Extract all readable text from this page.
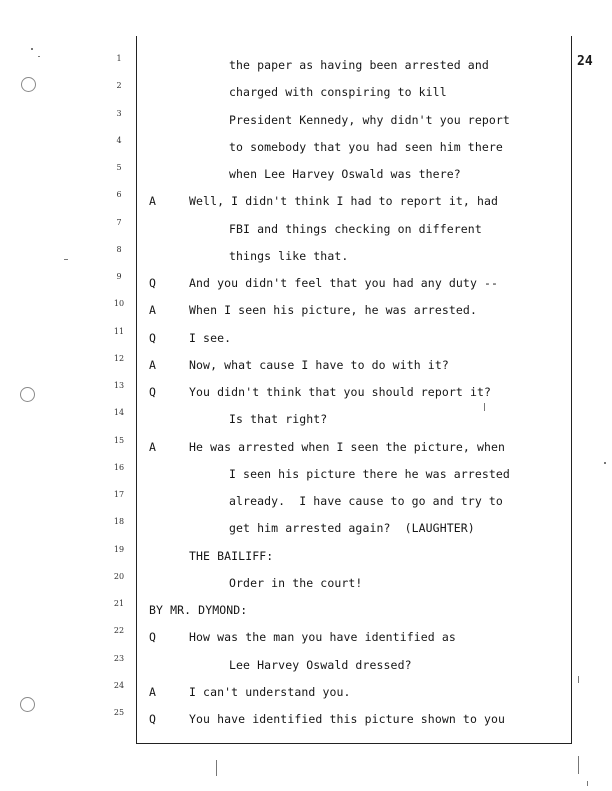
24
1	the paper as having been arrested and
2	charged with conspiring to kill
3	President Kennedy, why didn't you report
4	to somebody that you had seen him there
5	when Lee Harvey Oswald was there?
6	A	Well, I didn't think I had to report it, had
7	FBI and things checking on different
8	things like that.
9	Q	And you didn't feel that you had any duty --
10	A	When I seen his picture, he was arrested.
11	Q	I see.
12	A	Now, what cause I have to do with it?
13	Q	You didn't think that you should report it?
14	Is that right?
15	A	He was arrested when I seen the picture, when
16	I seen his picture there he was arrested
17	already.  I have cause to go and try to
18	get him arrested again?  (LAUGHTER)
19	THE BAILIFF:
20	Order in the court!
21	BY MR. DYMOND:
22	Q	How was the man you have identified as
23	Lee Harvey Oswald dressed?
24	A	I can't understand you.
25	Q	You have identified this picture shown to you
